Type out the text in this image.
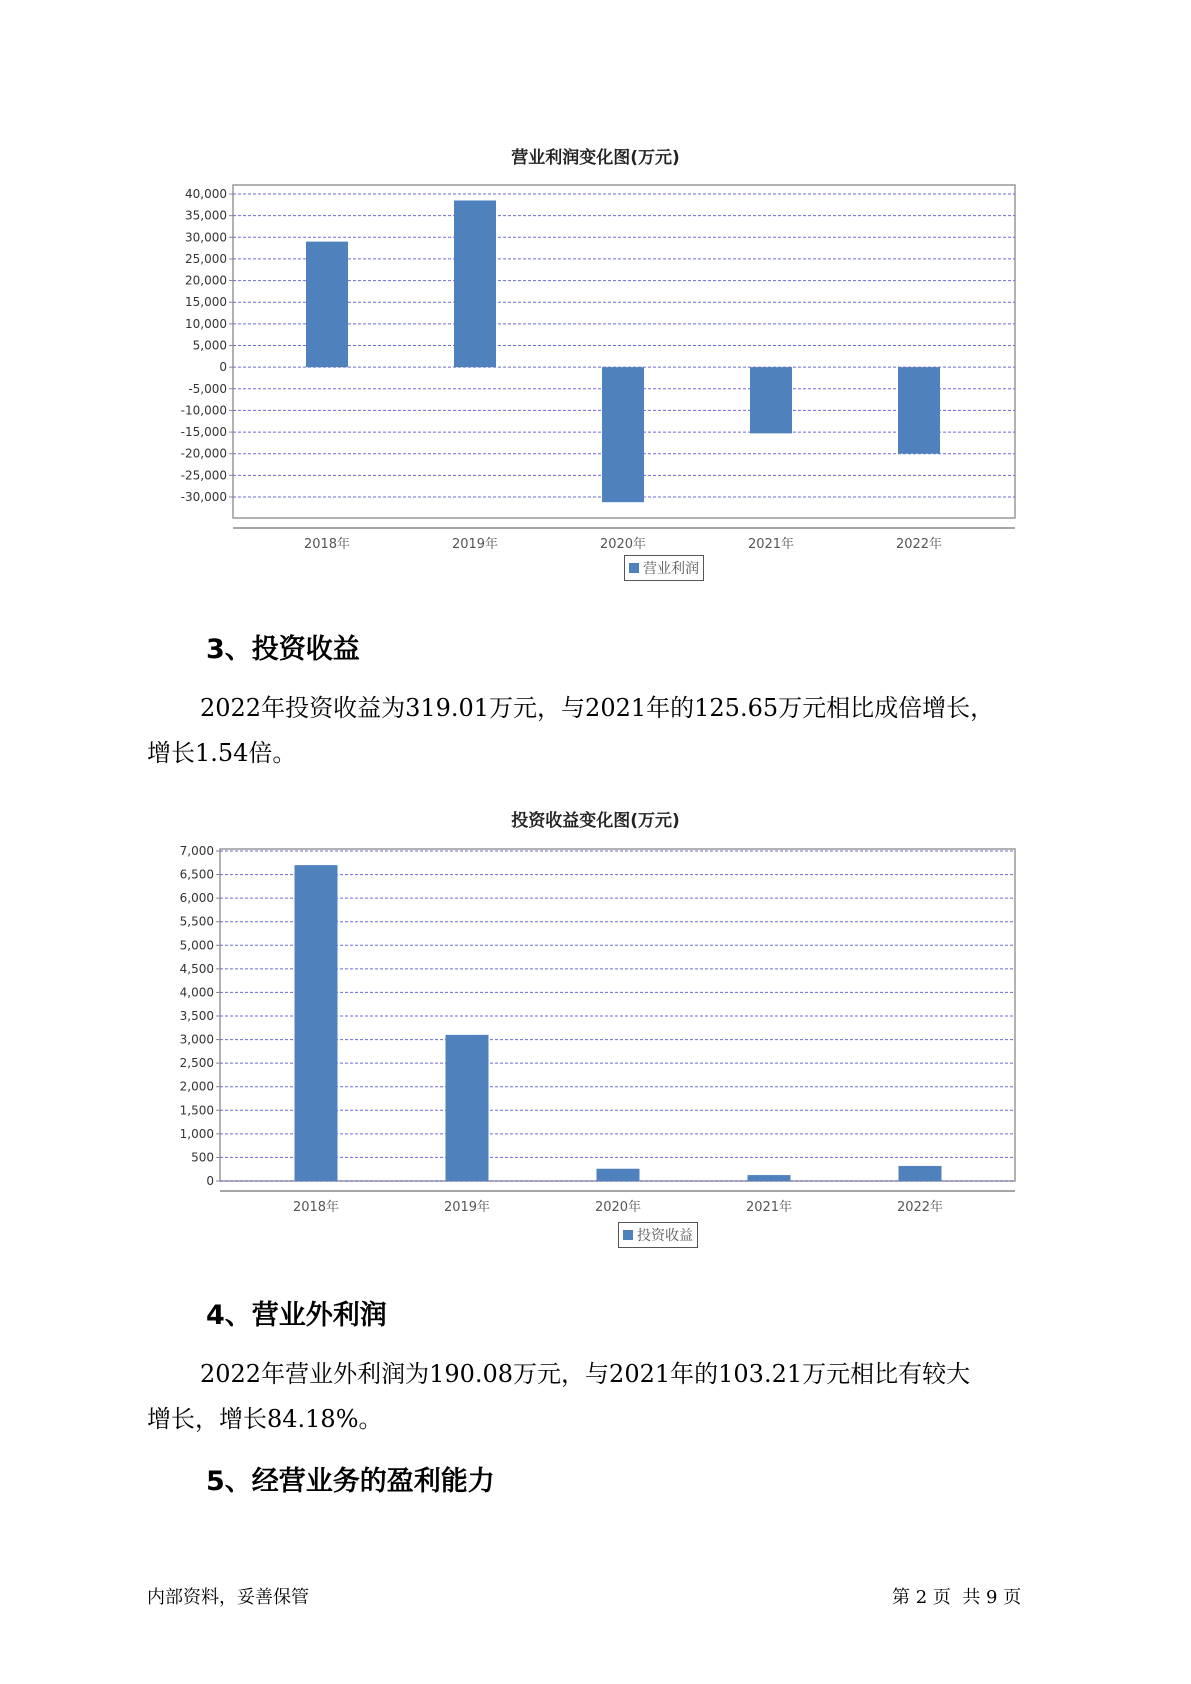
营业利润变化图(万元)
40,000
35,000
30,000
25,000
20,000
15,000
10,000
5,000
0
-5,000
-10,000
-15,000
-20,000
-25,000
-30,000
2018年	2019年	2020年	2021年	2022年
营业利润
3、投资收益
2022年投资收益为319.01万元，与2021年的125.65万元相比成倍增长，
增长1.54倍。
投资收益变化图(万元)
7,000
6,500
6,000
5,500
5,000
4,500
4,000
3,500
3,000
2,500
2,000
1,500
1,000
500
0
2018年	2019年	2020年	2021年	2022年
投资收益
4、营业外利润
2022年营业外利润为190.08万元，与2021年的103.21万元相比有较大
增长，增长84.18%。
5、经营业务的盈利能力
内部资料，妥善保管	第 2 页  共 9 页
